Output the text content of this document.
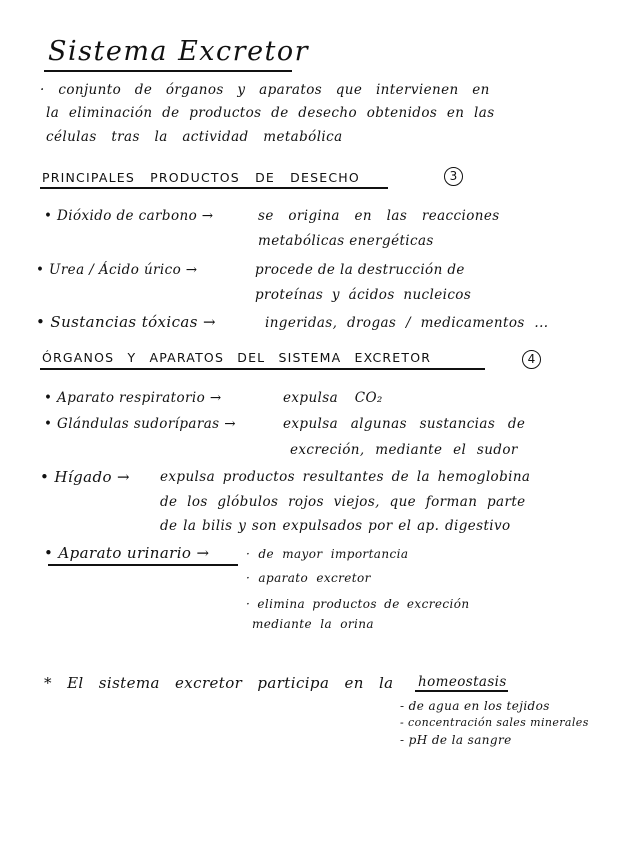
Sistema Excretor
· conjunto de órganos y aparatos que intervienen en
la eliminación de productos de desecho obtenidos en las
células tras la actividad metabólica
PRINCIPALES PRODUCTOS DE DESECHO	3
• Dióxido de carbono →	se origina en las reacciones
metabólicas energéticas
• Urea / Ácido úrico →	procede de la destrucción de
proteínas y ácidos nucleicos
• Sustancias tóxicas →	ingeridas, drogas / medicamentos ...
ÓRGANOS Y APARATOS DEL SISTEMA EXCRETOR	4
• Aparato respiratorio →	expulsa CO₂
• Glándulas sudoríparas →	expulsa algunas sustancias de
excreción, mediante el sudor
• Hígado → expulsa productos resultantes de la hemoglobina
de los glóbulos rojos viejos, que forman parte
de la bilis y son expulsados por el ap. digestivo
• Aparato urinario →	· de mayor importancia
· aparato excretor
· elimina productos de excreción
mediante la orina
* El sistema excretor participa en la homeostasis
- de agua en los tejidos
- concentración sales minerales
- pH de la sangre
